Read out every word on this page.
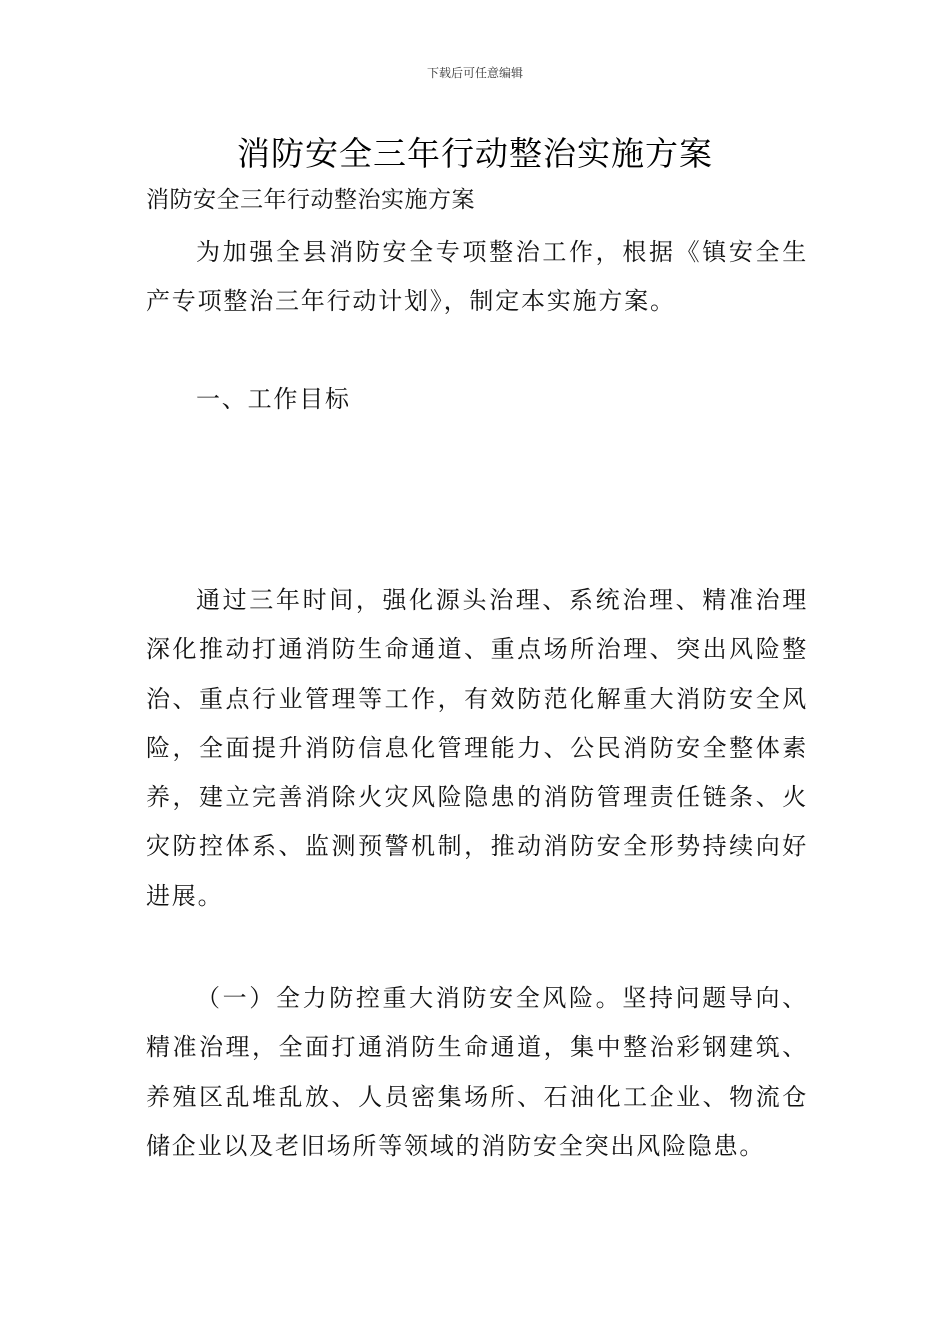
下载后可任意编辑
消防安全三年行动整治实施方案

消防安全三年行动整治实施方案

为加强全县消防安全专项整治工作，根据《镇安全生产专项整治三年行动计划》，制定本实施方案。

一、工作目标

通过三年时间，强化源头治理、系统治理、精准治理深化推动打通消防生命通道、重点场所治理、突出风险整治、重点行业管理等工作，有效防范化解重大消防安全风险，全面提升消防信息化管理能力、公民消防安全整体素养，建立完善消除火灾风险隐患的消防管理责任链条、火灾防控体系、监测预警机制，推动消防安全形势持续向好进展。

（一）全力防控重大消防安全风险。坚持问题导向、精准治理，全面打通消防生命通道，集中整治彩钢建筑、养殖区乱堆乱放、人员密集场所、石油化工企业、物流仓储企业以及老旧场所等领域的消防安全突出风险隐患。
